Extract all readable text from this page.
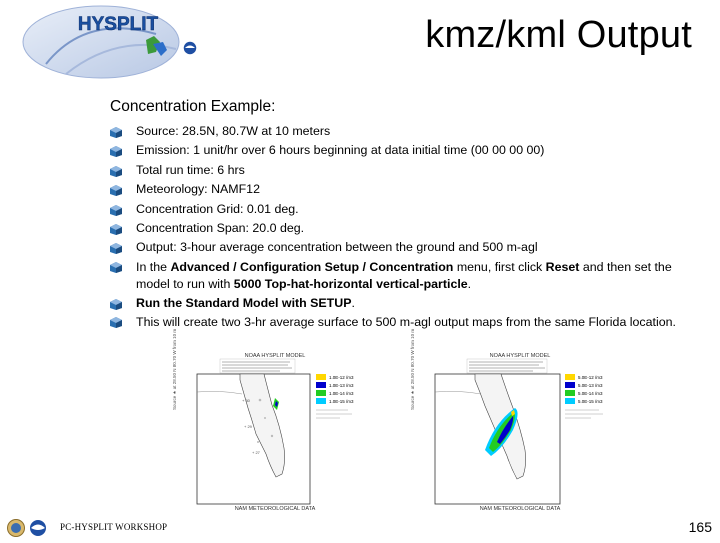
HYSPLIT	kmz/kml Output
Concentration Example:
Source: 28.5N, 80.7W at 10 meters
Emission: 1 unit/hr over 6 hours beginning at data initial time (00 00 00 00)
Total run time: 6 hrs
Meteorology: NAMF12
Concentration Grid: 0.01 deg.
Concentration Span: 20.0 deg.
Output: 3-hour average concentration between the ground and 500 m-agl
In the Advanced / Configuration Setup / Concentration menu, first click Reset and then set the model to run with 5000 Top-hat-horizontal vertical-particle.
Run the Standard Model with SETUP.
This will create two 3-hr average surface to 500 m-agl output maps from the same Florida location.
NOAA HYSPLIT MODEL
+ 30
+ 29
+ 27
Source ★ at 28.50 N 80.70 W from 10 m	1.0E-12 /m3
1.0E-13 /m3
1.0E-14 /m3
1.0E-15 /m3
NAM METEOROLOGICAL DATA
NOAA HYSPLIT MODEL
Source ★ at 28.50 N 80.70 W from 10 m	5.0E-12 /m3
5.0E-13 /m3
5.0E-14 /m3
5.0E-15 /m3
NAM METEOROLOGICAL DATA
PC-HYSPLIT WORKSHOP	165
